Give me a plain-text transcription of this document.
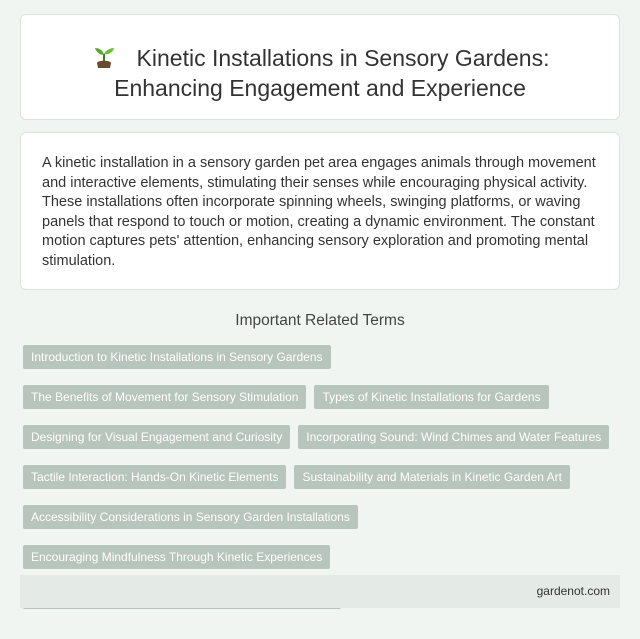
Kinetic Installations in Sensory Gardens:
Enhancing Engagement and Experience

A kinetic installation in a sensory garden pet area engages animals through movement and interactive elements, stimulating their senses while encouraging physical activity. These installations often incorporate spinning wheels, swinging platforms, or waving panels that respond to touch or motion, creating a dynamic environment. The constant motion captures pets' attention, enhancing sensory exploration and promoting mental stimulation.

Important Related Terms
Introduction to Kinetic Installations in Sensory Gardens
The Benefits of Movement for Sensory Stimulation	Types of Kinetic Installations for Gardens
Designing for Visual Engagement and Curiosity	Incorporating Sound: Wind Chimes and Water Features
Tactile Interaction: Hands-On Kinetic Elements	Sustainability and Materials in Kinetic Garden Art
Accessibility Considerations in Sensory Garden Installations
Encouraging Mindfulness Through Kinetic Experiences
gardenot.com
